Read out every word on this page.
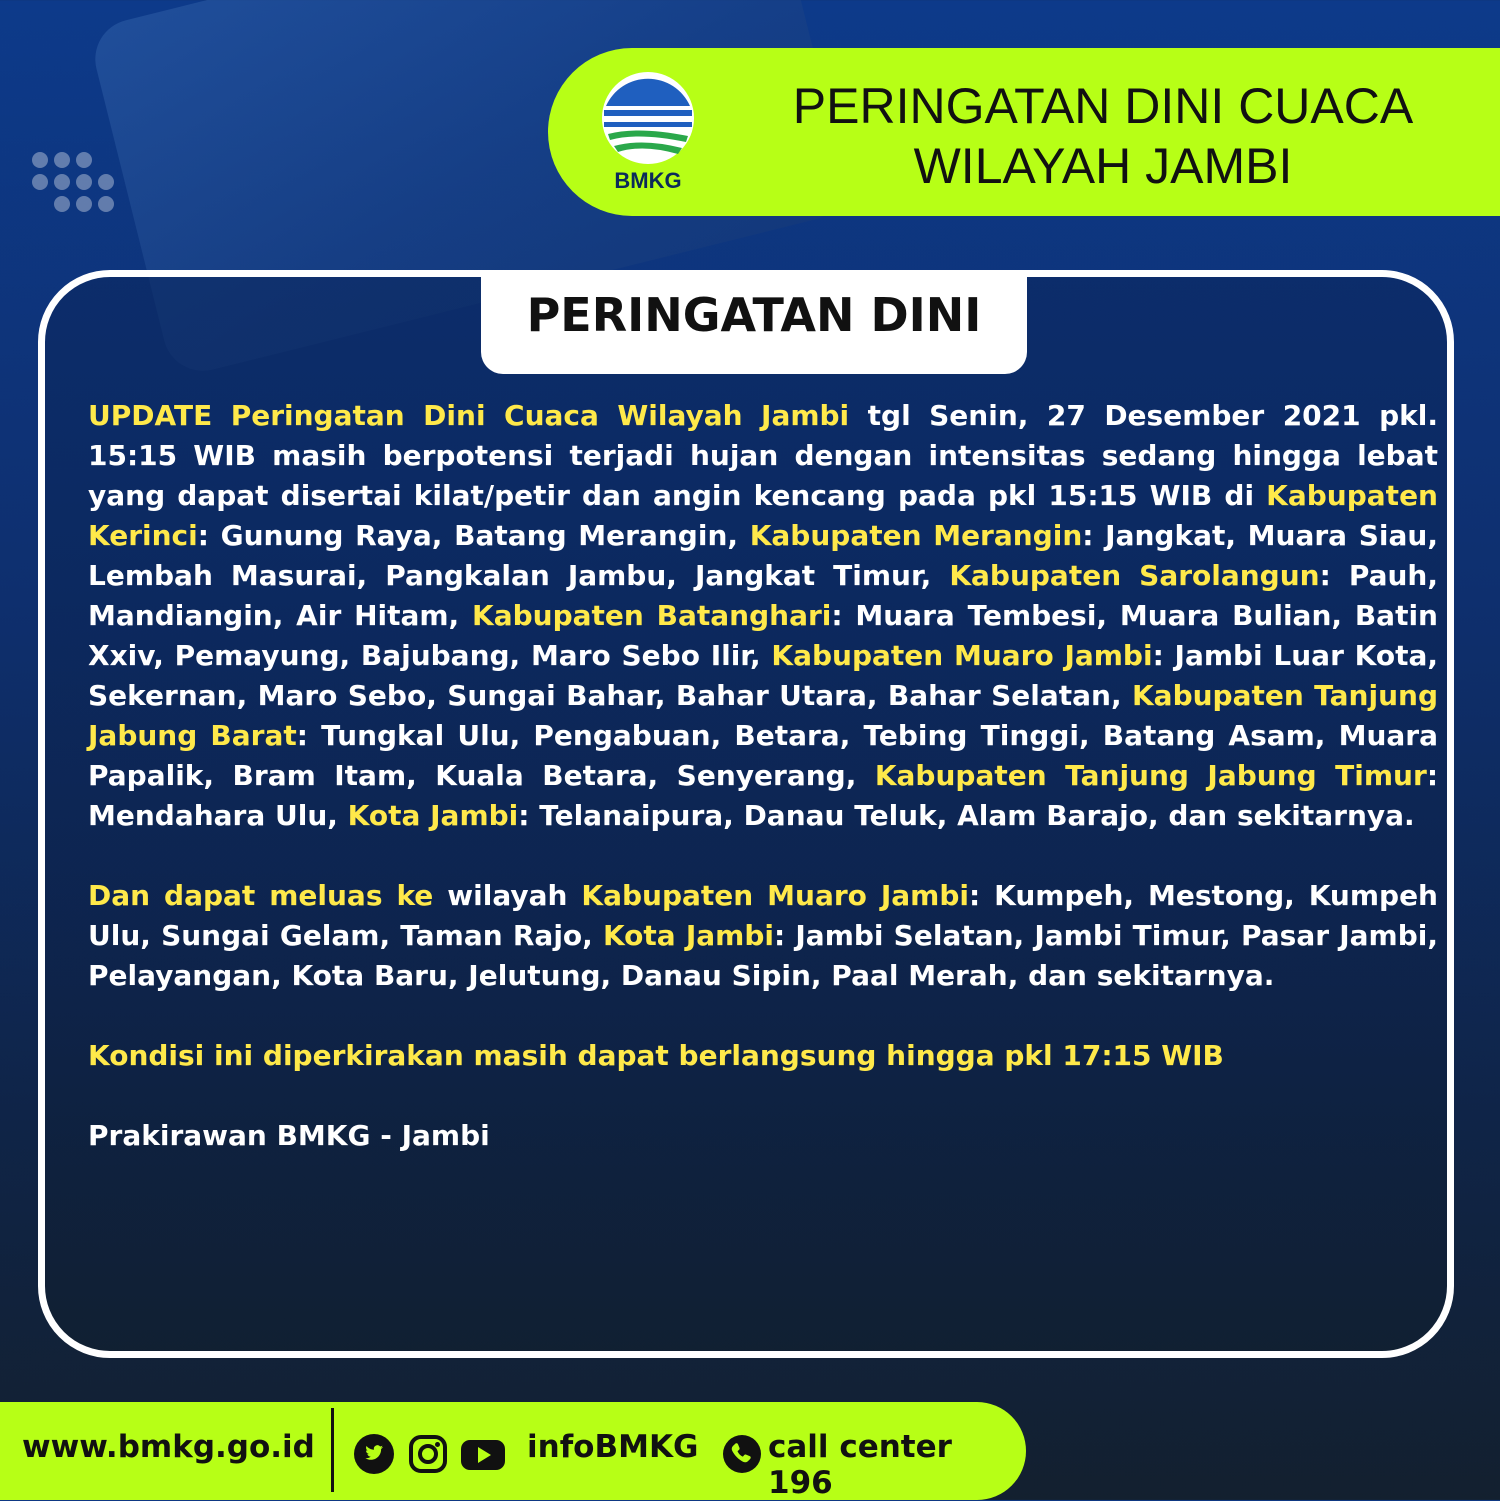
BMKG
PERINGATAN DINI CUACA
WILAYAH JAMBI
PERINGATAN DINI

UPDATE Peringatan Dini Cuaca Wilayah Jambi tgl Senin, 27 Desember 2021 pkl. 15:15 WIB masih berpotensi terjadi hujan dengan intensitas sedang hingga lebat yang dapat disertai kilat/petir dan angin kencang pada pkl 15:15 WIB di Kabupaten Kerinci: Gunung Raya, Batang Merangin, Kabupaten Merangin: Jangkat, Muara Siau, Lembah Masurai, Pangkalan Jambu, Jangkat Timur, Kabupaten Sarolangun: Pauh, Mandiangin, Air Hitam, Kabupaten Batanghari: Muara Tembesi, Muara Bulian, Batin Xxiv, Pemayung, Bajubang, Maro Sebo Ilir, Kabupaten Muaro Jambi: Jambi Luar Kota, Sekernan, Maro Sebo, Sungai Bahar, Bahar Utara, Bahar Selatan, Kabupaten Tanjung Jabung Barat: Tungkal Ulu, Pengabuan, Betara, Tebing Tinggi, Batang Asam, Muara Papalik, Bram Itam, Kuala Betara, Senyerang, Kabupaten Tanjung Jabung Timur: Mendahara Ulu, Kota Jambi: Telanaipura, Danau Teluk, Alam Barajo, dan sekitarnya.

Dan dapat meluas ke wilayah Kabupaten Muaro Jambi: Kumpeh, Mestong, Kumpeh Ulu, Sungai Gelam, Taman Rajo, Kota Jambi: Jambi Selatan, Jambi Timur, Pasar Jambi, Pelayangan, Kota Baru, Jelutung, Danau Sipin, Paal Merah, dan sekitarnya.

Kondisi ini diperkirakan masih dapat berlangsung hingga pkl 17:15 WIB

Prakirawan BMKG - Jambi

www.bmkg.go.id	infoBMKG call center 196
